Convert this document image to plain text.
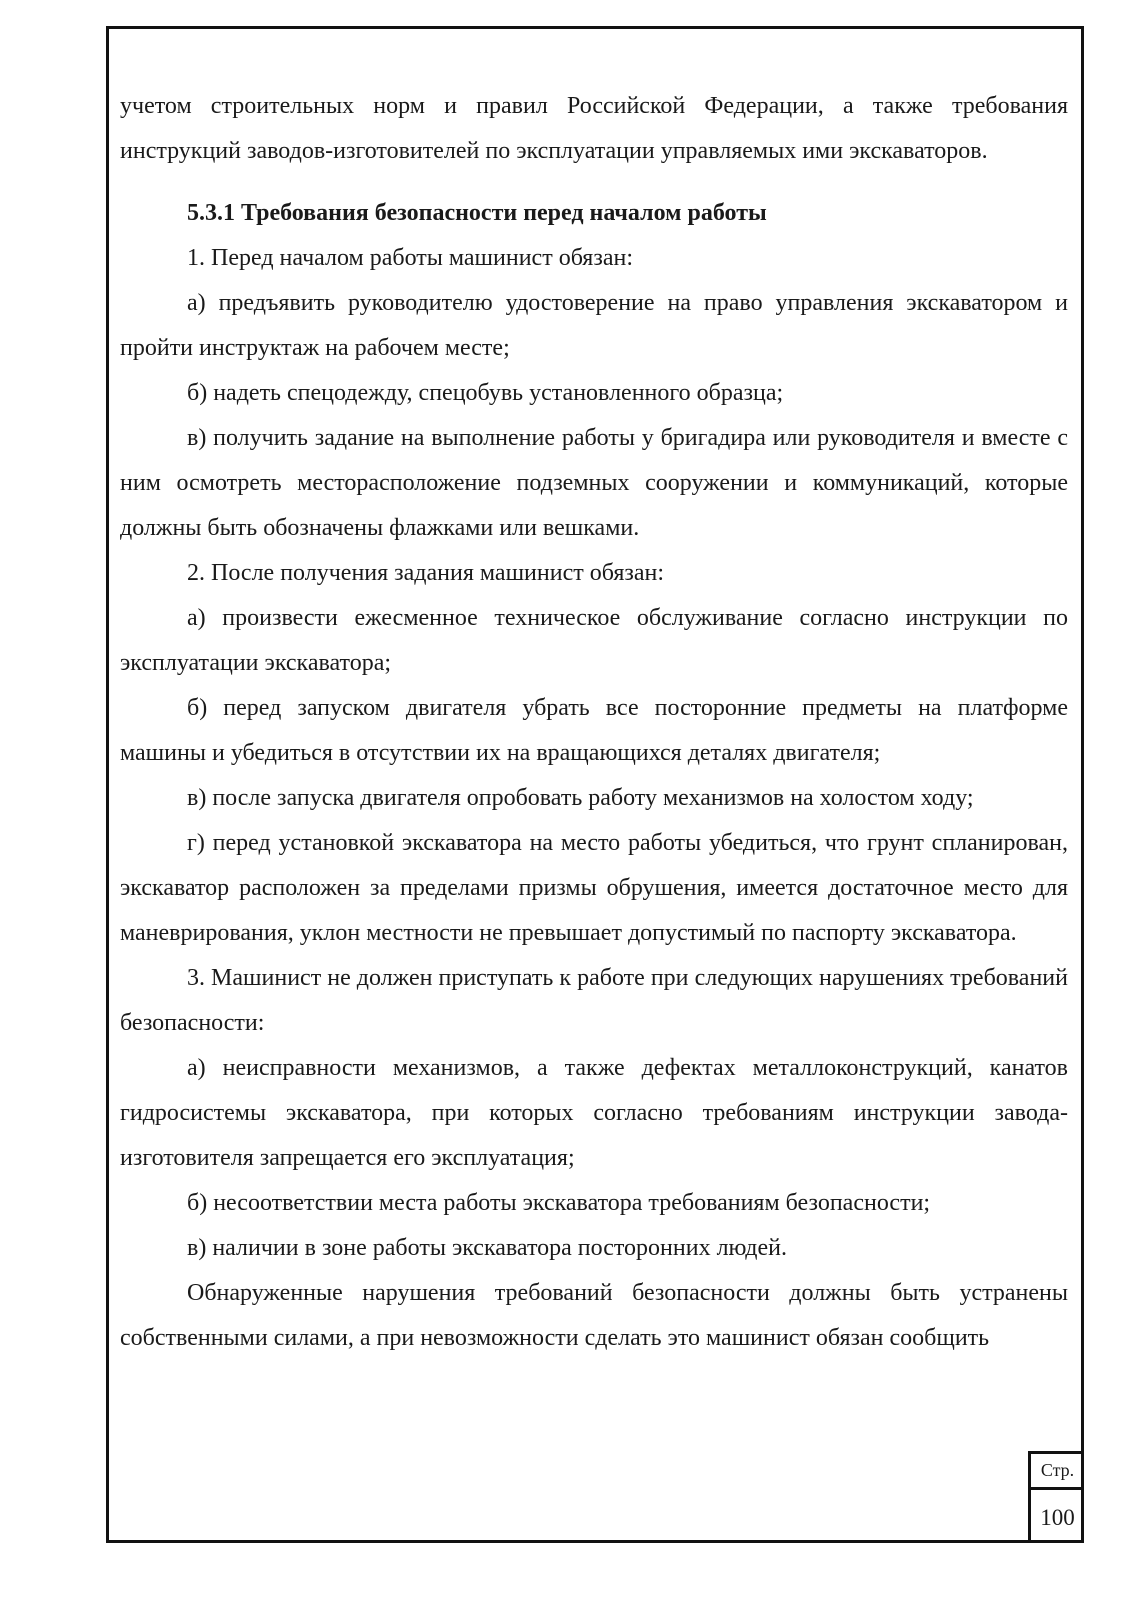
учетом строительных норм и правил Российской Федерации, а также требования инструкций заводов-изготовителей по эксплуатации управляемых ими экскаваторов.

5.3.1 Требования безопасности перед началом работы

1. Перед началом работы машинист обязан:

а) предъявить руководителю удостоверение на право управления экскаватором и пройти инструктаж на рабочем месте;

б) надеть спецодежду, спецобувь установленного образца;

в) получить задание на выполнение работы у бригадира или руководителя и вместе с ним осмотреть месторасположение подземных сооружении и коммуникаций, которые должны быть обозначены флажками или вешками.

2. После получения задания машинист обязан:

а) произвести ежесменное техническое обслуживание согласно инструкции по эксплуатации экскаватора;

б) перед запуском двигателя убрать все посторонние предметы на платформе машины и убедиться в отсутствии их на вращающихся деталях двигателя;

в) после запуска двигателя опробовать работу механизмов на холостом ходу;

г) перед установкой экскаватора на место работы убедиться, что грунт спланирован, экскаватор расположен за пределами призмы обрушения, имеется достаточное место для маневрирования, уклон местности не превышает допустимый по паспорту экскаватора.

3. Машинист не должен приступать к работе при следующих нарушениях требований безопасности:

а) неисправности механизмов, а также дефектах металлоконструкций, канатов гидросистемы экскаватора, при которых согласно требованиям инструкции завода-изготовителя запрещается его эксплуатация;

б) несоответствии места работы экскаватора требованиям безопасности;

в) наличии в зоне работы экскаватора посторонних людей.

Обнаруженные нарушения требований безопасности должны быть устранены собственными силами, а при невозможности сделать это машинист обязан сообщить

Стр.
100
